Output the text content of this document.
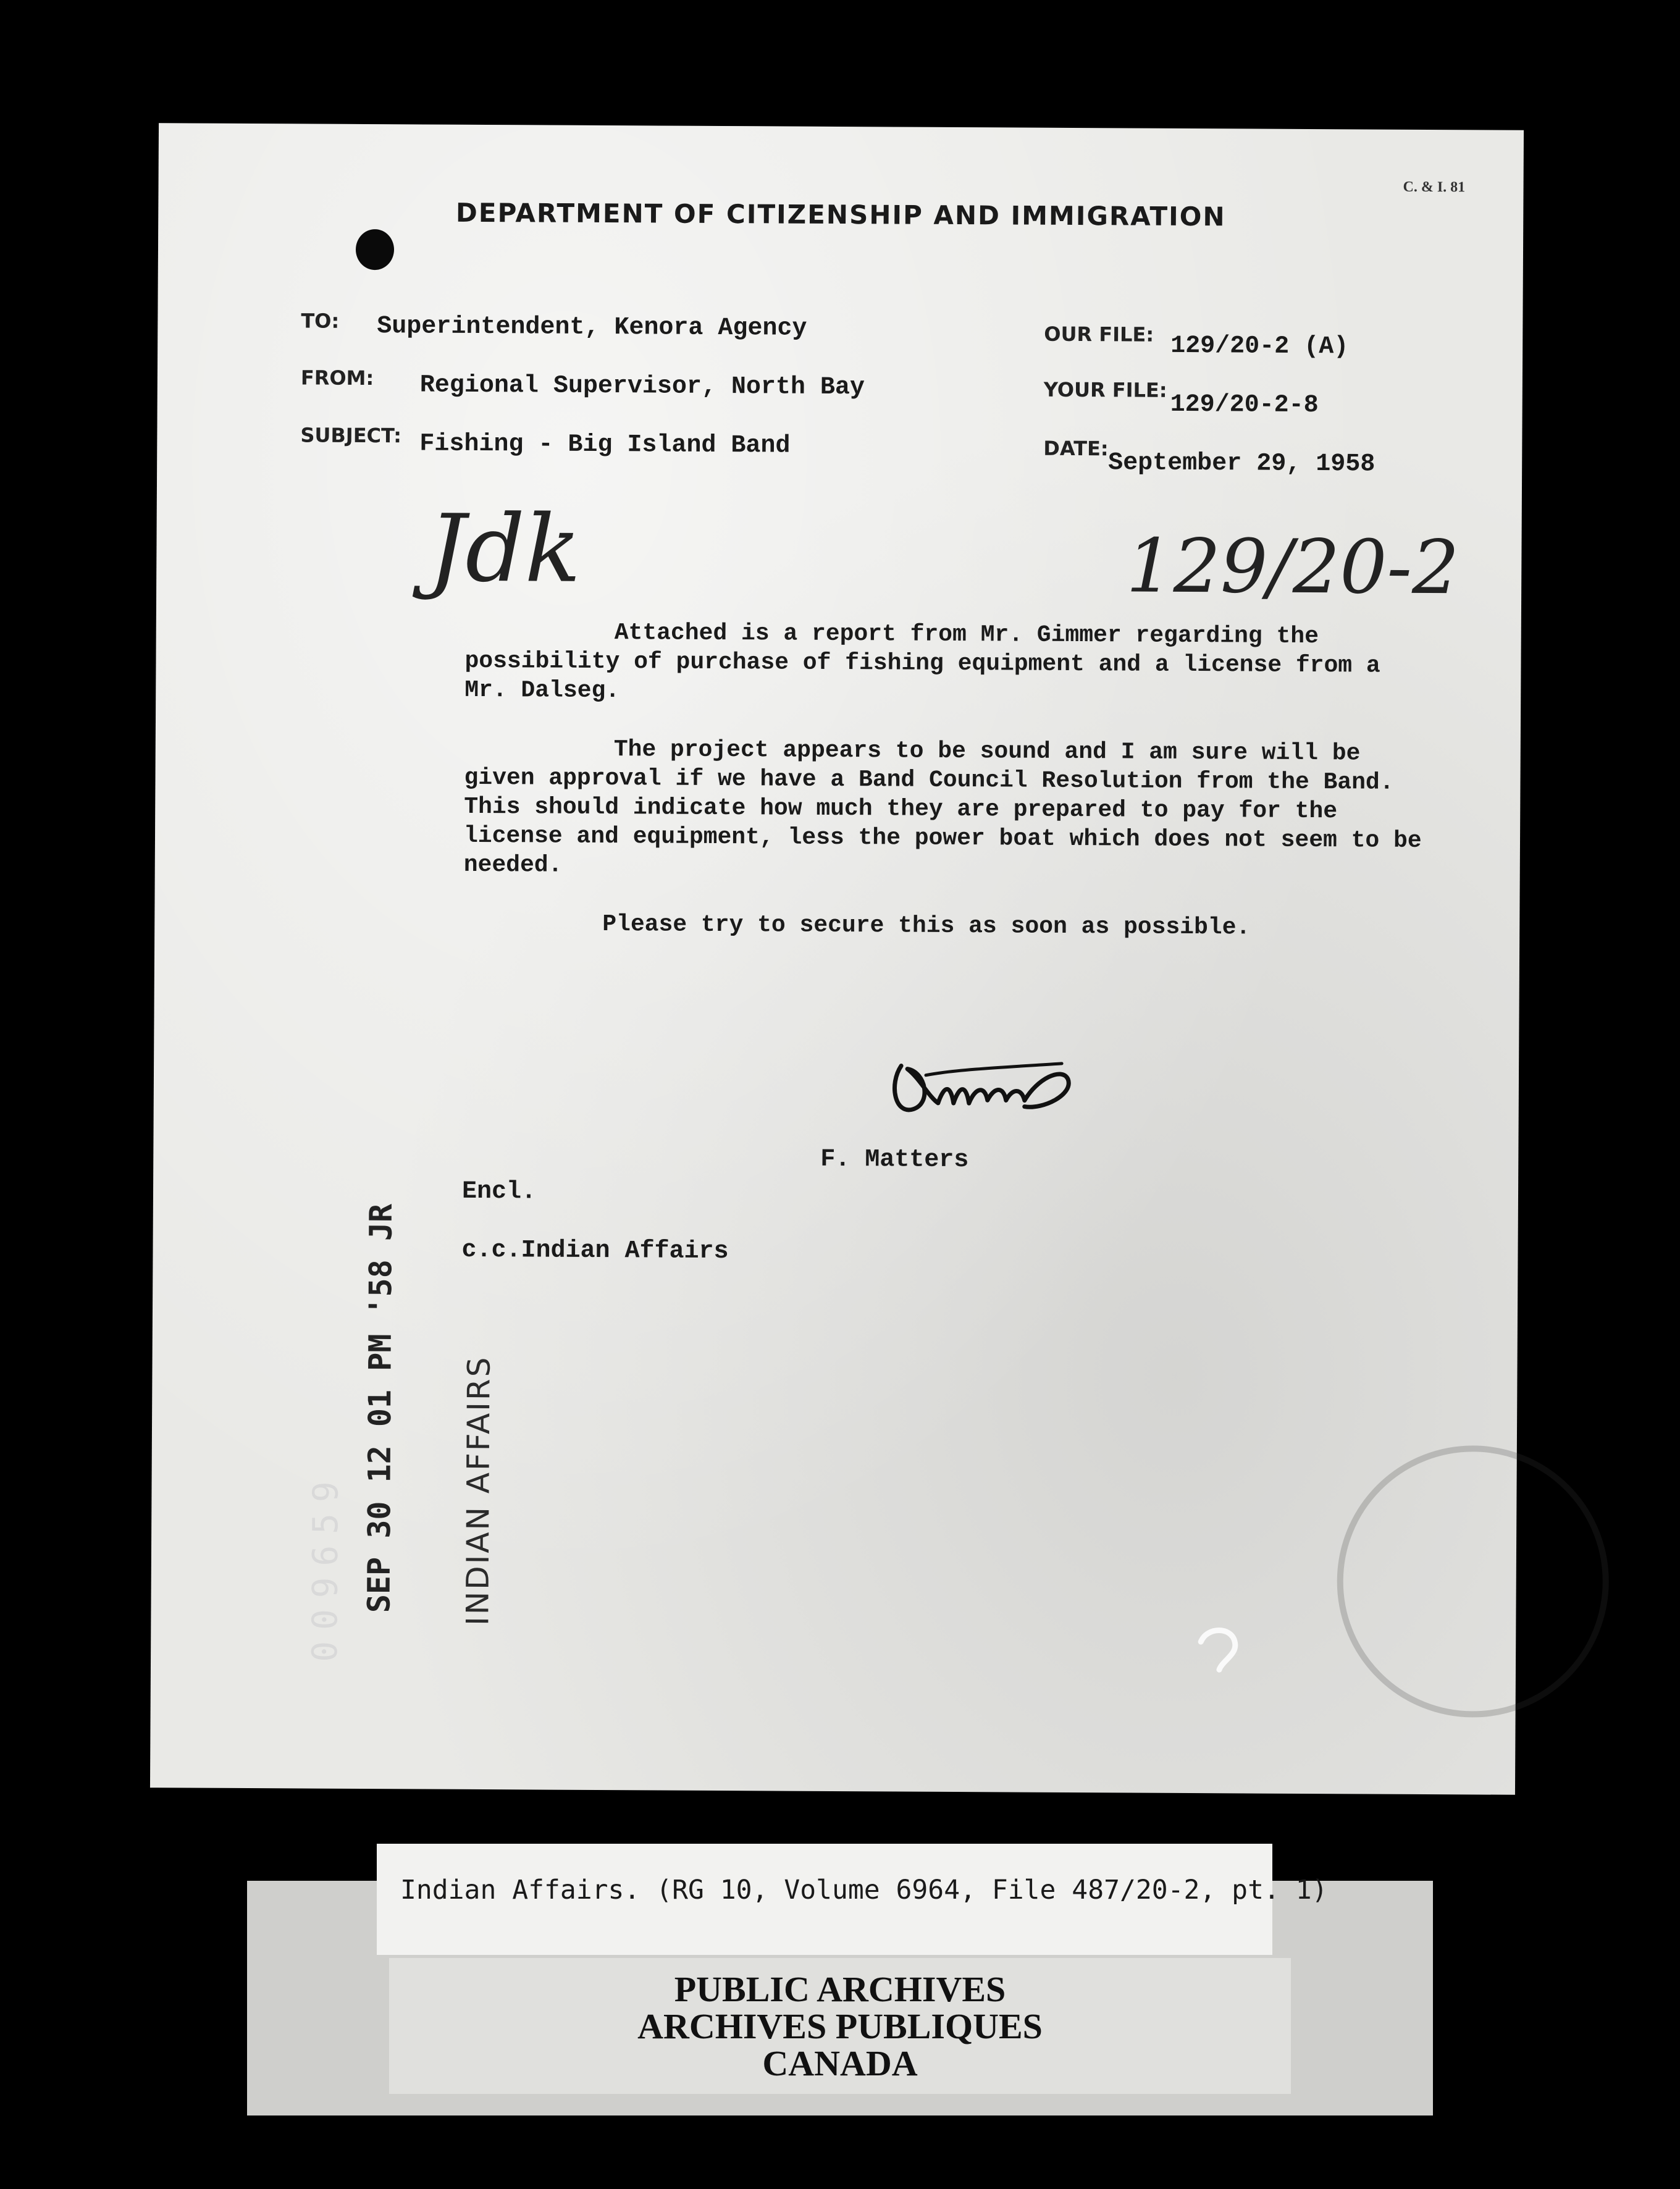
C. & I. 81
DEPARTMENT OF CITIZENSHIP AND IMMIGRATION
TO: Superintendent, Kenora Agency
FROM: Regional Supervisor, North Bay
SUBJECT: Fishing - Big Island Band
OUR FILE: 129/20-2 (A)
YOUR FILE:
129/20-2-8
DATE:
September 29, 1958
Jdk	129/20-2

Attached is a report from Mr. Gimmer regarding the possibility of purchase of fishing equipment and a license from a Mr. Dalseg.

The project appears to be sound and I am sure will be given approval if we have a Band Council Resolution from the Band. This should indicate how much they are prepared to pay for the license and equipment, less the power boat which does not seem to be needed.

Please try to secure this as soon as possible.

F. Matters
Encl.
c.c.Indian Affairs
SEP 30 12 01 PM '58 JR
INDIAN AFFAIRS
009659
Indian Affairs. (RG 10, Volume 6964, File 487/20-2, pt. 1)
PUBLIC ARCHIVES
ARCHIVES PUBLIQUES
CANADA
